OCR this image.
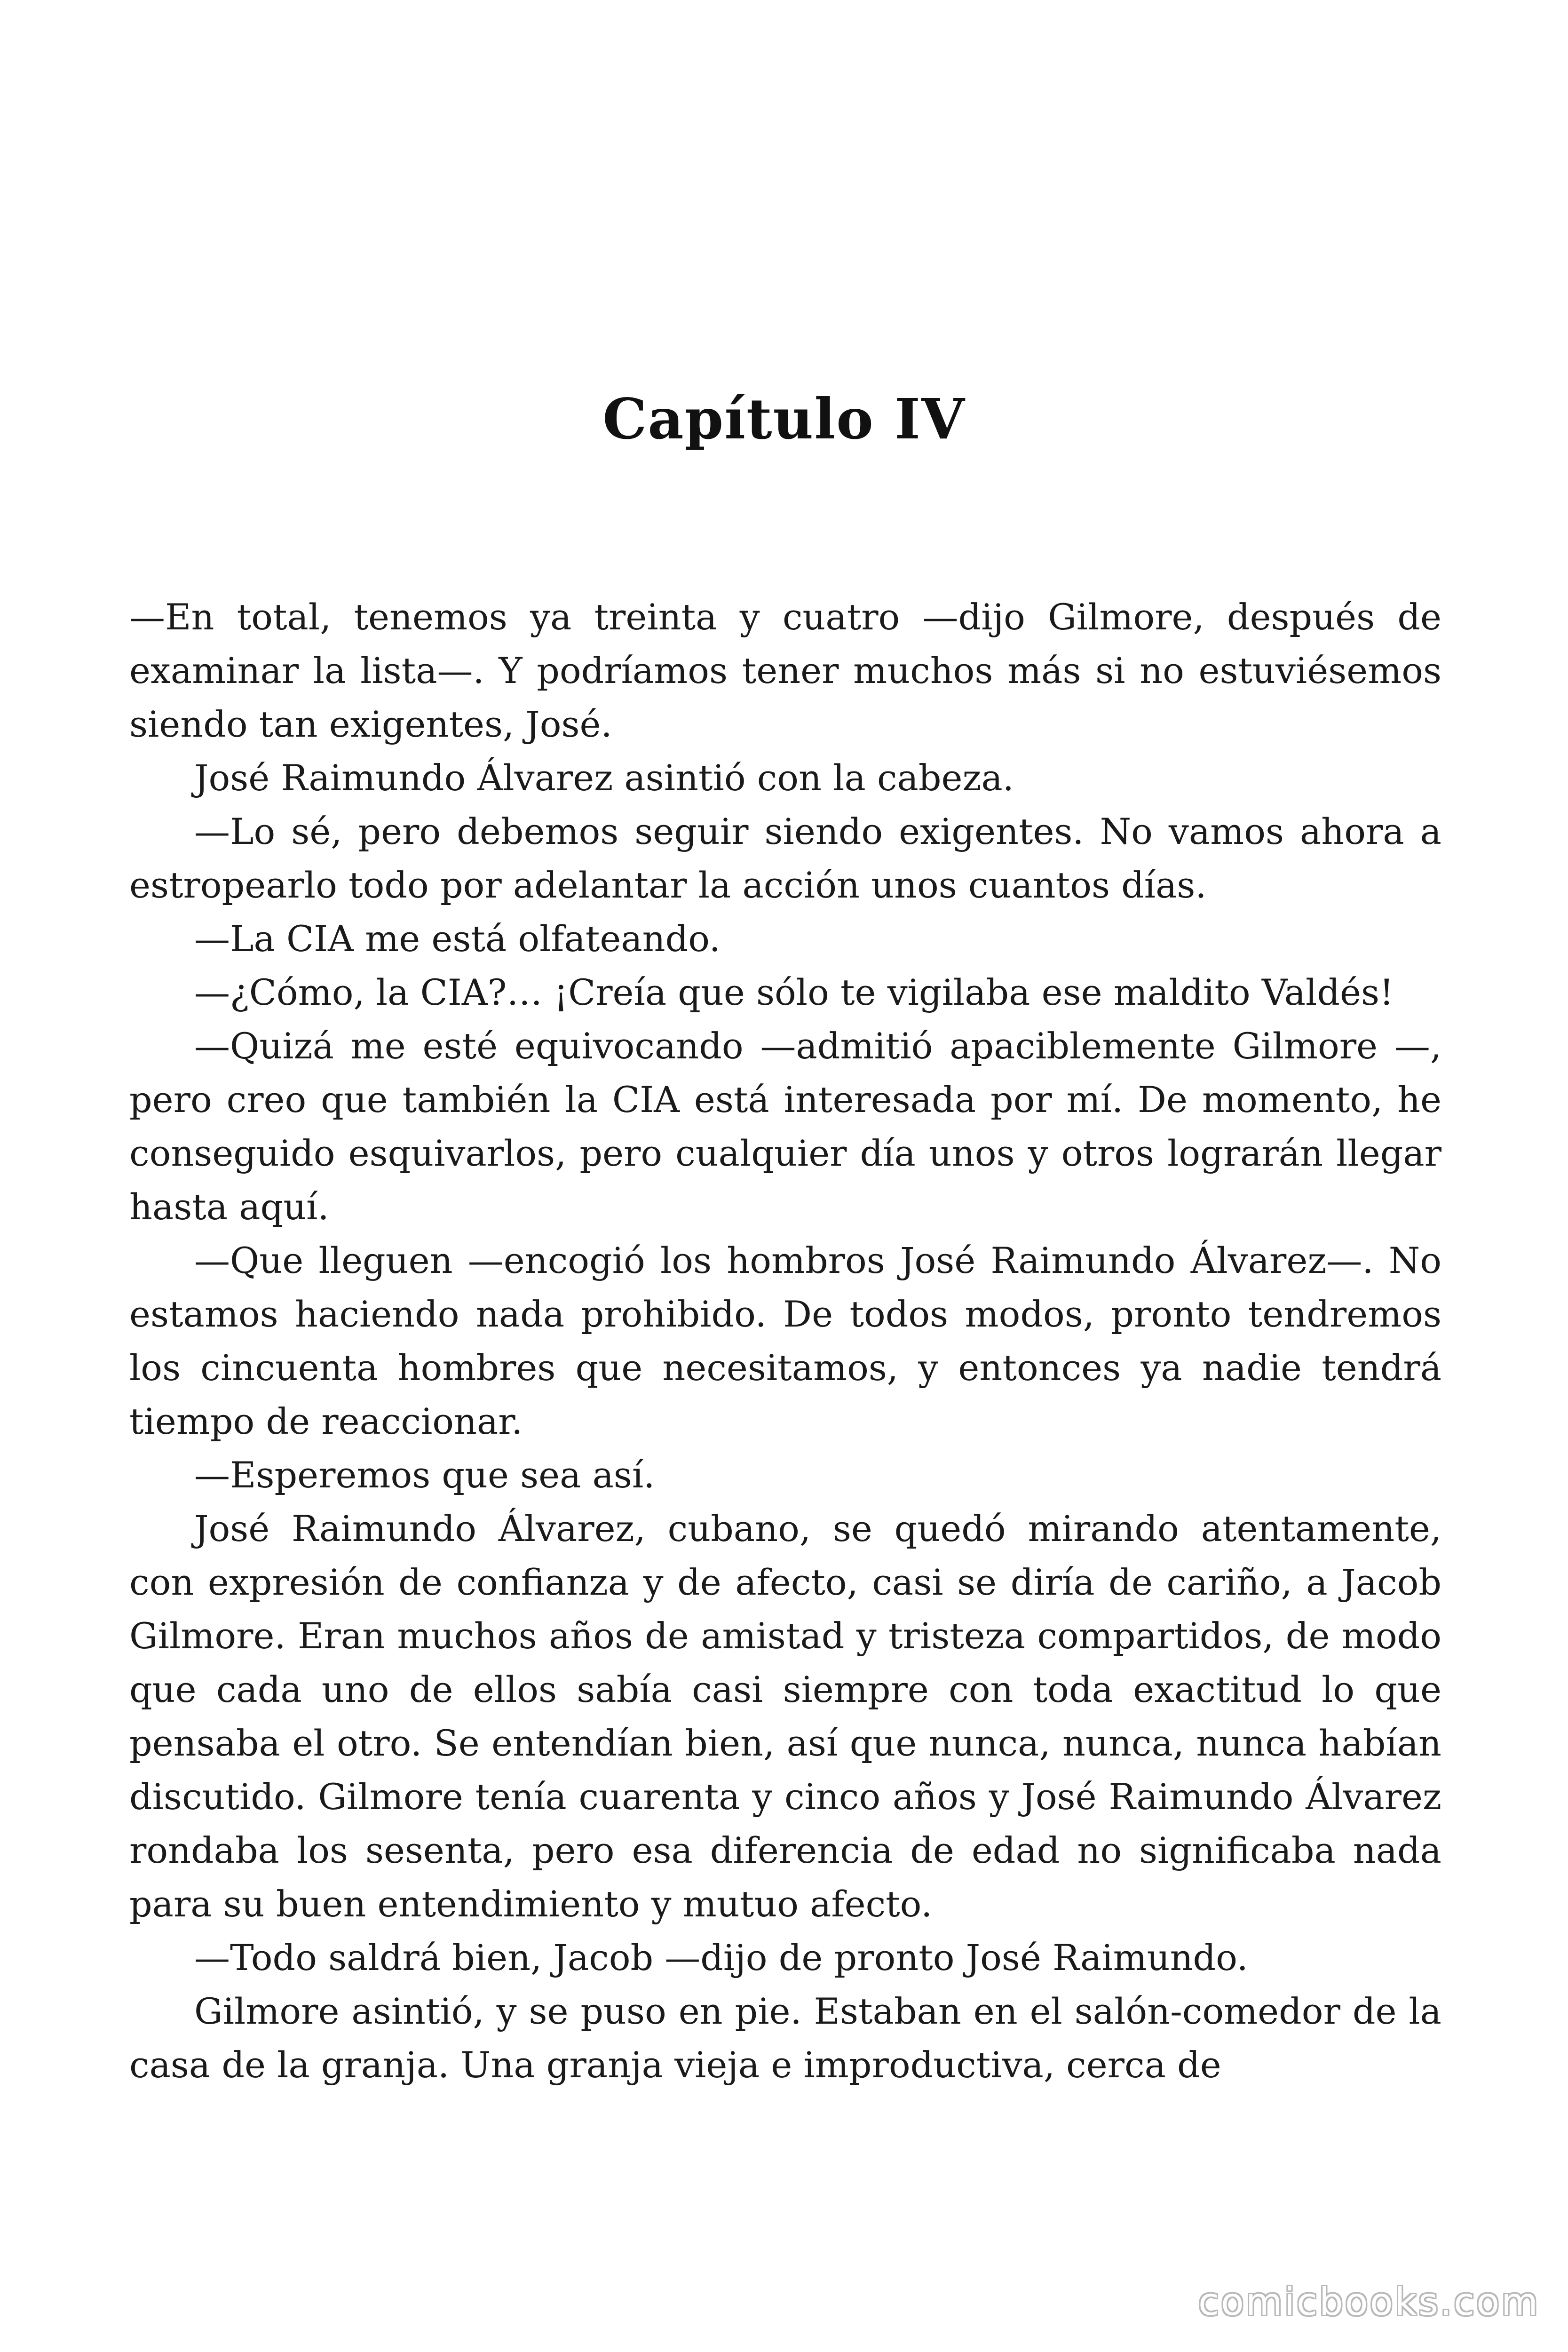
Capítulo IV

—En total, tenemos ya treinta y cuatro —dijo Gilmore, después de examinar la lista—. Y podríamos tener muchos más si no estuviésemos siendo tan exigentes, José.

José Raimundo Álvarez asintió con la cabeza.

—Lo sé, pero debemos seguir siendo exigentes. No vamos ahora a estropearlo todo por adelantar la acción unos cuantos días.

—La CIA me está olfateando.

—¿Cómo, la CIA?… ¡Creía que sólo te vigilaba ese maldito Valdés!

—Quizá me esté equivocando —admitió apaciblemente Gilmore —, pero creo que también la CIA está interesada por mí. De momento, he conseguido esquivarlos, pero cualquier día unos y otros lograrán llegar hasta aquí.

—Que lleguen —encogió los hombros José Raimundo Álvarez—. No estamos haciendo nada prohibido. De todos modos, pronto tendremos los cincuenta hombres que necesitamos, y entonces ya nadie tendrá tiempo de reaccionar.

—Esperemos que sea así.

José Raimundo Álvarez, cubano, se quedó mirando atentamente, con expresión de confianza y de afecto, casi se diría de cariño, a Jacob Gilmore. Eran muchos años de amistad y tristeza compartidos, de modo que cada uno de ellos sabía casi siempre con toda exactitud lo que pensaba el otro. Se entendían bien, así que nunca, nunca, nunca habían discutido. Gilmore tenía cuarenta y cinco años y José Raimundo Álvarez rondaba los sesenta, pero esa diferencia de edad no significaba nada para su buen entendimiento y mutuo afecto.

—Todo saldrá bien, Jacob —dijo de pronto José Raimundo.

Gilmore asintió, y se puso en pie. Estaban en el salón-comedor de la casa de la granja. Una granja vieja e improductiva, cerca de

comicbooks.com
